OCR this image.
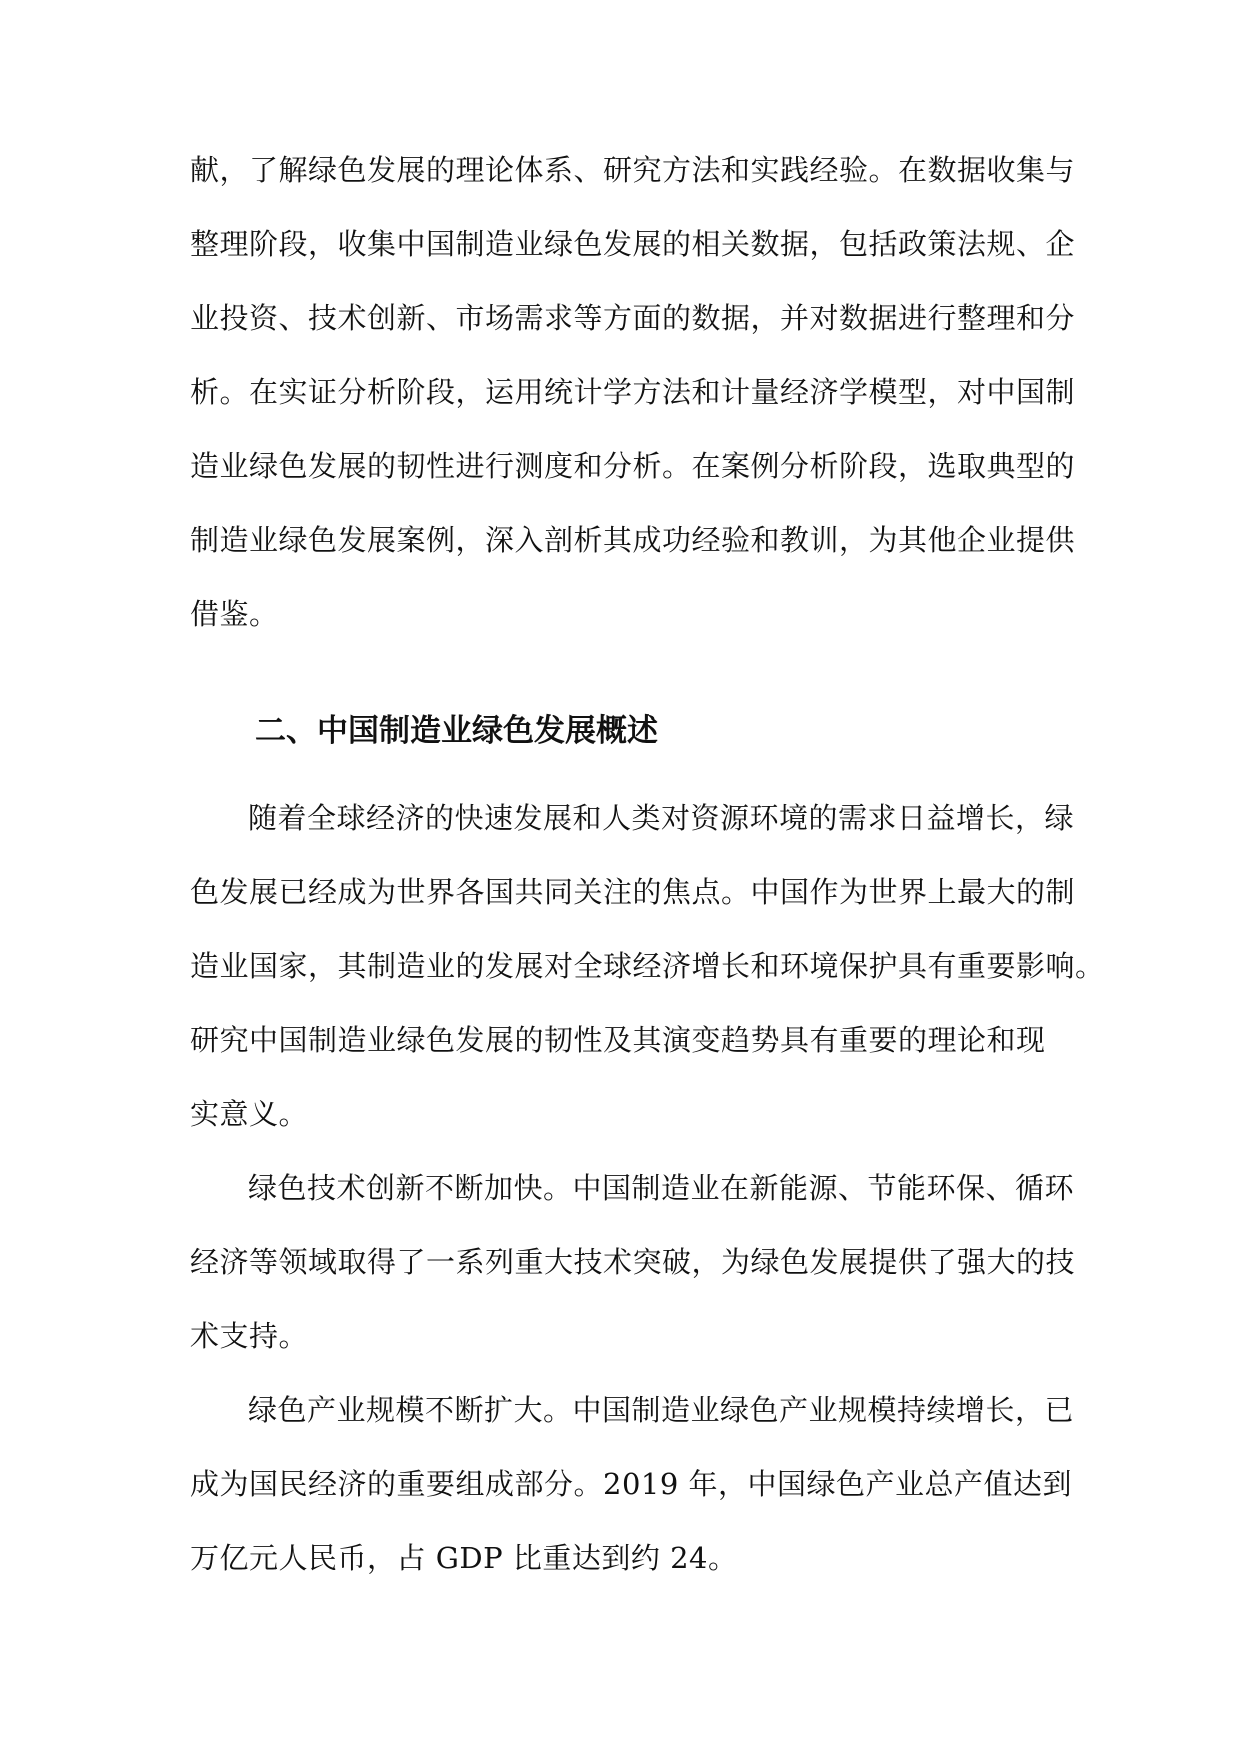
献，了解绿色发展的理论体系、研究方法和实践经验。在数据收集与
整理阶段，收集中国制造业绿色发展的相关数据，包括政策法规、企
业投资、技术创新、市场需求等方面的数据，并对数据进行整理和分
析。在实证分析阶段，运用统计学方法和计量经济学模型，对中国制
造业绿色发展的韧性进行测度和分析。在案例分析阶段，选取典型的
制造业绿色发展案例，深入剖析其成功经验和教训，为其他企业提供
借鉴。
二、中国制造业绿色发展概述
随着全球经济的快速发展和人类对资源环境的需求日益增长，绿
色发展已经成为世界各国共同关注的焦点。中国作为世界上最大的制
造业国家，其制造业的发展对全球经济增长和环境保护具有重要影响。
研究中国制造业绿色发展的韧性及其演变趋势具有重要的理论和现
实意义。
绿色技术创新不断加快。中国制造业在新能源、节能环保、循环
经济等领域取得了一系列重大技术突破，为绿色发展提供了强大的技
术支持。
绿色产业规模不断扩大。中国制造业绿色产业规模持续增长，已
成为国民经济的重要组成部分。2019 年，中国绿色产业总产值达到
万亿元人民币，占 GDP 比重达到约 24。
